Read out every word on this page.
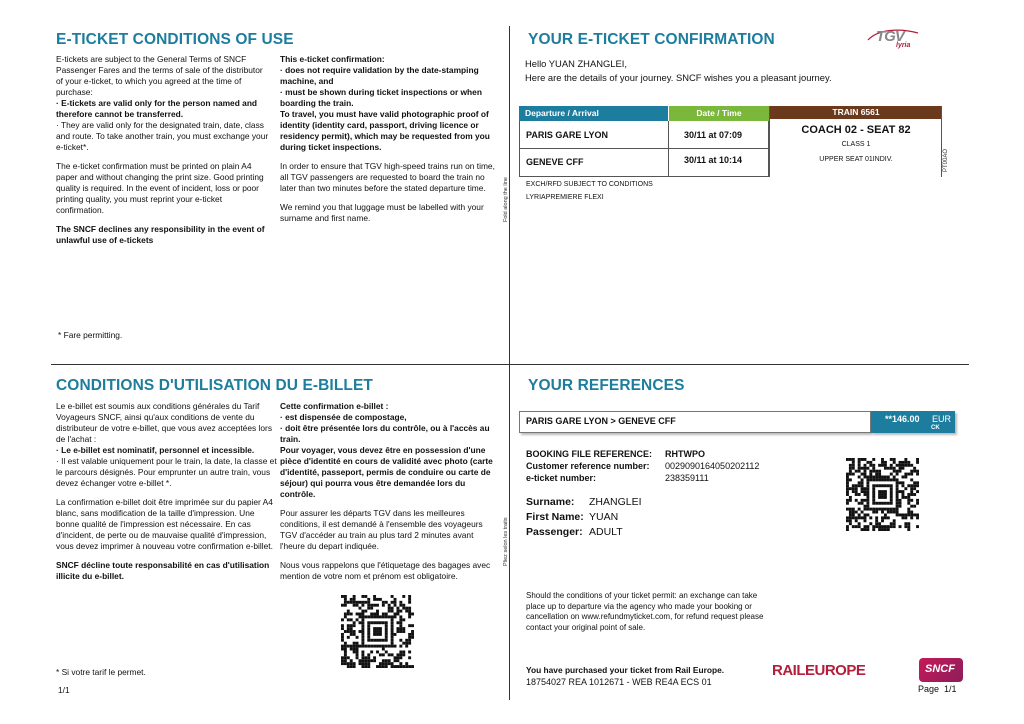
Fold along the line
Pliez selon les traits
E-TICKET CONDITIONS OF USE

E-tickets are subject to the General Terms of SNCF Passenger Fares and the terms of sale of the distributor of your e-ticket, to which you agreed at the time of purchase:

· E-tickets are valid only for the person named and therefore cannot be transferred.

· They are valid only for the designated train, date, class and route. To take another train, you must exchange your e-ticket*.

The e-ticket confirmation must be printed on plain A4 paper and without changing the print size. Good printing quality is required. In the event of incident, loss or poor printing quality, you must reprint your e-ticket confirmation.

The SNCF declines any responsibility in the event of unlawful use of e-tickets

This e-ticket confirmation:

· does not require validation by the date-stamping machine, and

· must be shown during ticket inspections or when boarding the train.

To travel, you must have valid photographic proof of identity (identity card, passport, driving licence or residency permit), which may be requested from you during ticket inspections.

In order to ensure that TGV high-speed trains run on time, all TGV passengers are requested to board the train no later than two minutes before the stated departure time.

We remind you that luggage must be labelled with your surname and first name.

* Fare permitting.
CONDITIONS D'UTILISATION DU E-BILLET

Le e-billet est soumis aux conditions générales du Tarif Voyageurs SNCF, ainsi qu'aux conditions de vente du distributeur de votre e-billet, que vous avez acceptées lors de l'achat :

· Le e-billet est nominatif, personnel et incessible.

· Il est valable uniquement pour le train, la date, la classe et le parcours désignés. Pour emprunter un autre train, vous devez échanger votre e-billet *.

La confirmation e-billet doit être imprimée sur du papier A4 blanc, sans modification de la taille d'impression. Une bonne qualité de l'impression est nécessaire. En cas d'incident, de perte ou de mauvaise qualité d'impression, vous devez imprimer à nouveau votre confirmation e-billet.

SNCF décline toute responsabilité en cas d'utilisation illicite du e-billet.

Cette confirmation e-billet :

· est dispensée de compostage,

· doit être présentée lors du contrôle, ou à l'accès au train.

Pour voyager, vous devez être en possession d'une pièce d'identité en cours de validité avec photo (carte d'identité, passeport, permis de conduire ou carte de séjour) qui pourra vous être demandée lors du contrôle.

Pour assurer les départs TGV dans les meilleures conditions, il est demandé à l'ensemble des voyageurs TGV d'accéder au train au plus tard 2 minutes avant l'heure du depart indiquée.

Nous vous rappelons que l'étiquetage des bagages avec mention de votre nom et prénom est obligatoire.

* Si votre tarif le permet.
1/1
YOUR E-TICKET CONFIRMATION	TGV
lyria
Hello YUAN ZHANGLEI,
Here are the details of your journey. SNCF wishes you a pleasant journey.
Departure / Arrival	Date / Time	TRAIN 6561
PARIS GARE LYON	30/11 at 07:09
GENEVE CFF	30/11 at 10:14
COACH 02 - SEAT 82
CLASS 1
UPPER SEAT 01INDIV.	PT00AO
EXCH/RFD SUBJECT TO CONDITIONS
LYRIAPREMIERE FLEXI
YOUR REFERENCES
PARIS GARE LYON > GENEVE CFF	**146.00 EUR
CK
BOOKING FILE REFERENCE: RHTWPO
Customer reference number: 0029090164050202112
e-ticket number:	238359111
Surname: ZHANGLEI
First Name: YUAN
Passenger: ADULT
Should the conditions of your ticket permit: an exchange can take place up to departure via the agency who made your booking or cancellation on www.refundmyticket.com, for refund request please contact your original point of sale.
You have purchased your ticket from Rail Europe.
18754027 REA 1012671 - WEB RE4A ECS 01
RAILEUROPE	SNCF
Page 1/1
